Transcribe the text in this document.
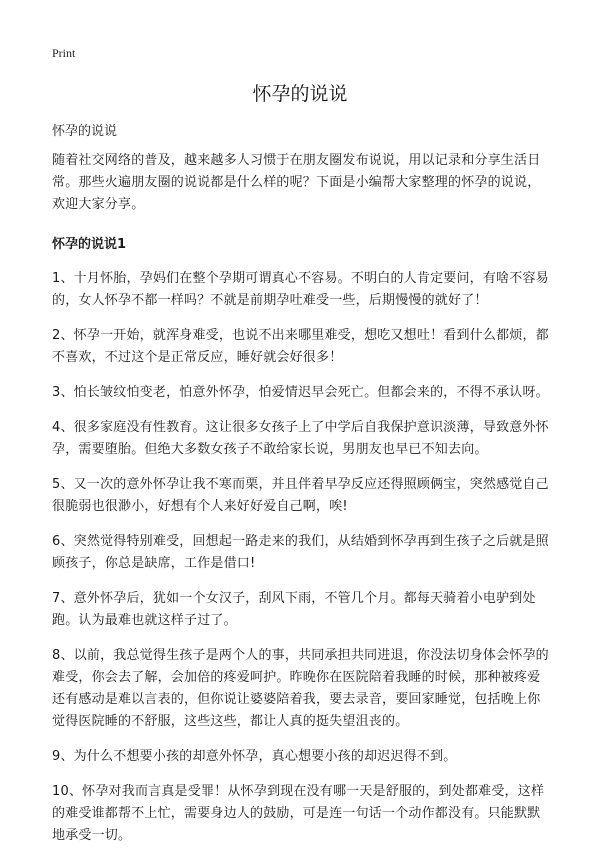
Print
怀孕的说说

怀孕的说说

随着社交网络的普及，越来越多人习惯于在朋友圈发布说说，用以记录和分享生活日常。那些火遍朋友圈的说说都是什么样的呢？下面是小编帮大家整理的怀孕的说说，欢迎大家分享。

怀孕的说说1

1、十月怀胎，孕妈们在整个孕期可谓真心不容易。不明白的人肯定要问，有啥不容易的，女人怀孕不都一样吗？不就是前期孕吐难受一些，后期慢慢的就好了！

2、怀孕一开始，就浑身难受，也说不出来哪里难受，想吃又想吐！看到什么都烦，都不喜欢，不过这个是正常反应，睡好就会好很多！

3、怕长皱纹怕变老，怕意外怀孕，怕爱情迟早会死亡。但都会来的，不得不承认呀。

4、很多家庭没有性教育。这让很多女孩子上了中学后自我保护意识淡薄，导致意外怀孕，需要堕胎。但绝大多数女孩子不敢给家长说，男朋友也早已不知去向。

5、又一次的意外怀孕让我不寒而栗，并且伴着早孕反应还得照顾俩宝，突然感觉自己很脆弱也很渺小，好想有个人来好好爱自己啊，唉!

6、突然觉得特别难受，回想起一路走来的我们，从结婚到怀孕再到生孩子之后就是照顾孩子，你总是缺席，工作是借口!

7、意外怀孕后，犹如一个女汉子，刮风下雨，不管几个月。都每天骑着小电驴到处跑。认为最难也就这样子过了。

8、以前，我总觉得生孩子是两个人的事，共同承担共同进退，你没法切身体会怀孕的难受，你会去了解，会加倍的疼爱呵护。昨晚你在医院陪着我睡的时候，那种被疼爱还有感动是难以言表的，但你说让婆婆陪着我，要去录音，要回家睡觉，包括晚上你觉得医院睡的不舒服，这些这些，都让人真的挺失望沮丧的。

9、为什么不想要小孩的却意外怀孕，真心想要小孩的却迟迟得不到。

10、怀孕对我而言真是受罪！从怀孕到现在没有哪一天是舒服的，到处都难受，这样的难受谁都帮不上忙，需要身边人的鼓励，可是连一句话一个动作都没有。只能默默地承受一切。
